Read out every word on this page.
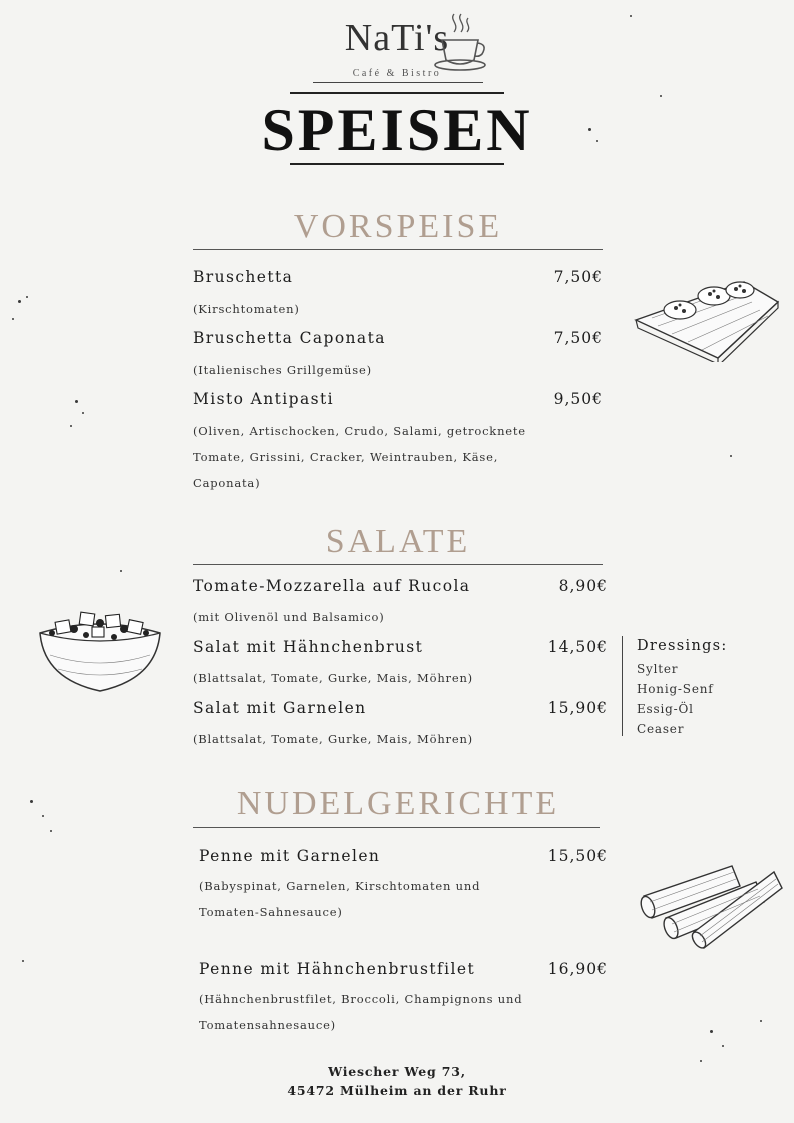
NaTi's
Café & Bistro
SPEISEN
VORSPEISE
Bruschetta	7,50€
(Kirschtomaten)
Bruschetta Caponata	7,50€
(Italienisches Grillgemüse)
Misto Antipasti	9,50€
(Oliven, Artischocken, Crudo, Salami, getrocknete Tomate, Grissini, Cracker, Weintrauben, Käse, Caponata)
SALATE
Tomate-Mozzarella auf Rucola	8,90€
(mit Olivenöl und Balsamico)
Salat mit Hähnchenbrust	14,50€
(Blattsalat, Tomate, Gurke, Mais, Möhren)
Salat mit Garnelen	15,90€
(Blattsalat, Tomate, Gurke, Mais, Möhren)
Dressings:
Sylter
Honig-Senf
Essig-Öl
Ceaser
NUDELGERICHTE
Penne mit Garnelen	15,50€
(Babyspinat, Garnelen, Kirschtomaten und Tomaten-Sahnesauce)
Penne mit Hähnchenbrustfilet	16,90€
(Hähnchenbrustfilet, Broccoli, Champignons und Tomatensahnesauce)
Wiescher Weg 73,
45472 Mülheim an der Ruhr
